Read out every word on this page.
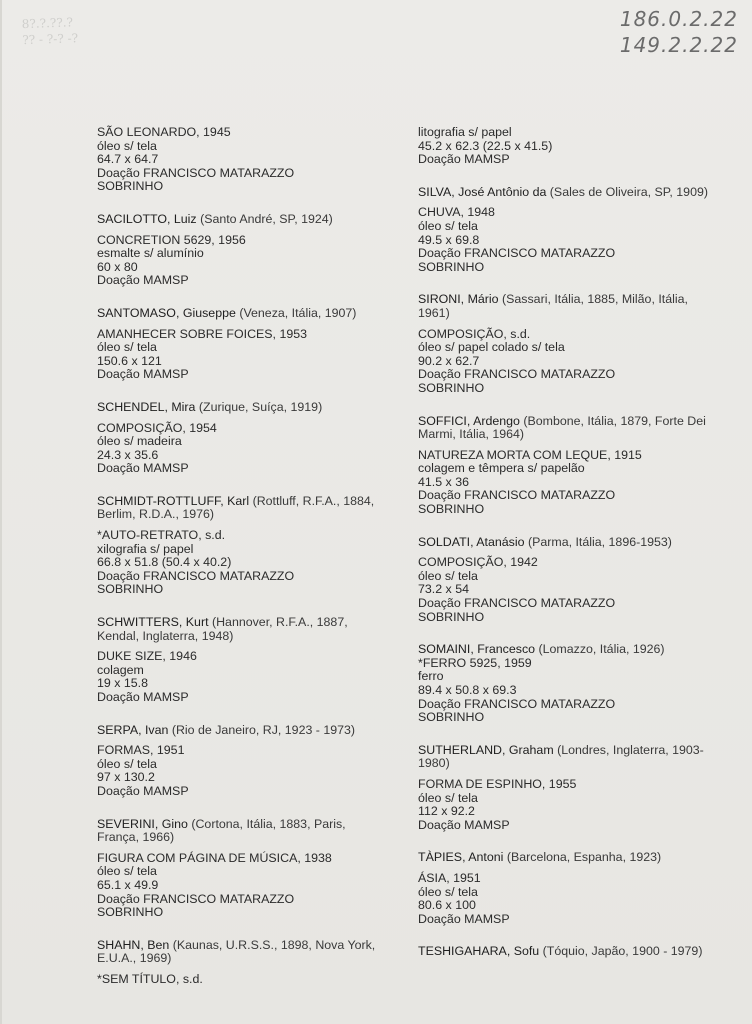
8?.?.??.?
?? - ?-? -?
186.0.2.22
149.2.2.22
SÃO LEONARDO, 1945
óleo s/ tela
64.7 x 64.7
Doação FRANCISCO MATARAZZO
SOBRINHO
SACILOTTO, Luiz (Santo André, SP, 1924)
CONCRETION 5629, 1956
esmalte s/ alumínio
60 x 80
Doação MAMSP
SANTOMASO, Giuseppe (Veneza, Itália, 1907)
AMANHECER SOBRE FOICES, 1953
óleo s/ tela
150.6 x 121
Doação MAMSP
SCHENDEL, Mira (Zurique, Suíça, 1919)
COMPOSIÇÃO, 1954
óleo s/ madeira
24.3 x 35.6
Doação MAMSP
SCHMIDT-ROTTLUFF, Karl (Rottluff, R.F.A., 1884, Berlim, R.D.A., 1976)
*AUTO-RETRATO, s.d.
xilografia s/ papel
66.8 x 51.8 (50.4 x 40.2)
Doação FRANCISCO MATARAZZO
SOBRINHO
SCHWITTERS, Kurt (Hannover, R.F.A., 1887, Kendal, Inglaterra, 1948)
DUKE SIZE, 1946
colagem
19 x 15.8
Doação MAMSP
SERPA, Ivan (Rio de Janeiro, RJ, 1923 - 1973)
FORMAS, 1951
óleo s/ tela
97 x 130.2
Doação MAMSP
SEVERINI, Gino (Cortona, Itália, 1883, Paris, França, 1966)
FIGURA COM PÁGINA DE MÚSICA, 1938
óleo s/ tela
65.1 x 49.9
Doação FRANCISCO MATARAZZO
SOBRINHO
SHAHN, Ben (Kaunas, U.R.S.S., 1898, Nova York, E.U.A., 1969)
*SEM TÍTULO, s.d.
litografia s/ papel
45.2 x 62.3 (22.5 x 41.5)
Doação MAMSP
SILVA, José Antônio da (Sales de Oliveira, SP, 1909)
CHUVA, 1948
óleo s/ tela
49.5 x 69.8
Doação FRANCISCO MATARAZZO
SOBRINHO
SIRONI, Mário (Sassari, Itália, 1885, Milão, Itália, 1961)
COMPOSIÇÃO, s.d.
óleo s/ papel colado s/ tela
90.2 x 62.7
Doação FRANCISCO MATARAZZO
SOBRINHO
SOFFICI, Ardengo (Bombone, Itália, 1879, Forte Dei Marmi, Itália, 1964)
NATUREZA MORTA COM LEQUE, 1915
colagem e têmpera s/ papelão
41.5 x 36
Doação FRANCISCO MATARAZZO
SOBRINHO
SOLDATI, Atanásio (Parma, Itália, 1896-1953)
COMPOSIÇÃO, 1942
óleo s/ tela
73.2 x 54
Doação FRANCISCO MATARAZZO
SOBRINHO
SOMAINI, Francesco (Lomazzo, Itália, 1926)
*FERRO 5925, 1959
ferro
89.4 x 50.8 x 69.3
Doação FRANCISCO MATARAZZO
SOBRINHO
SUTHERLAND, Graham (Londres, Inglaterra, 1903-1980)
FORMA DE ESPINHO, 1955
óleo s/ tela
112 x 92.2
Doação MAMSP
TÀPIES, Antoni (Barcelona, Espanha, 1923)
ÁSIA, 1951
óleo s/ tela
80.6 x 100
Doação MAMSP
TESHIGAHARA, Sofu (Tóquio, Japão, 1900 - 1979)
